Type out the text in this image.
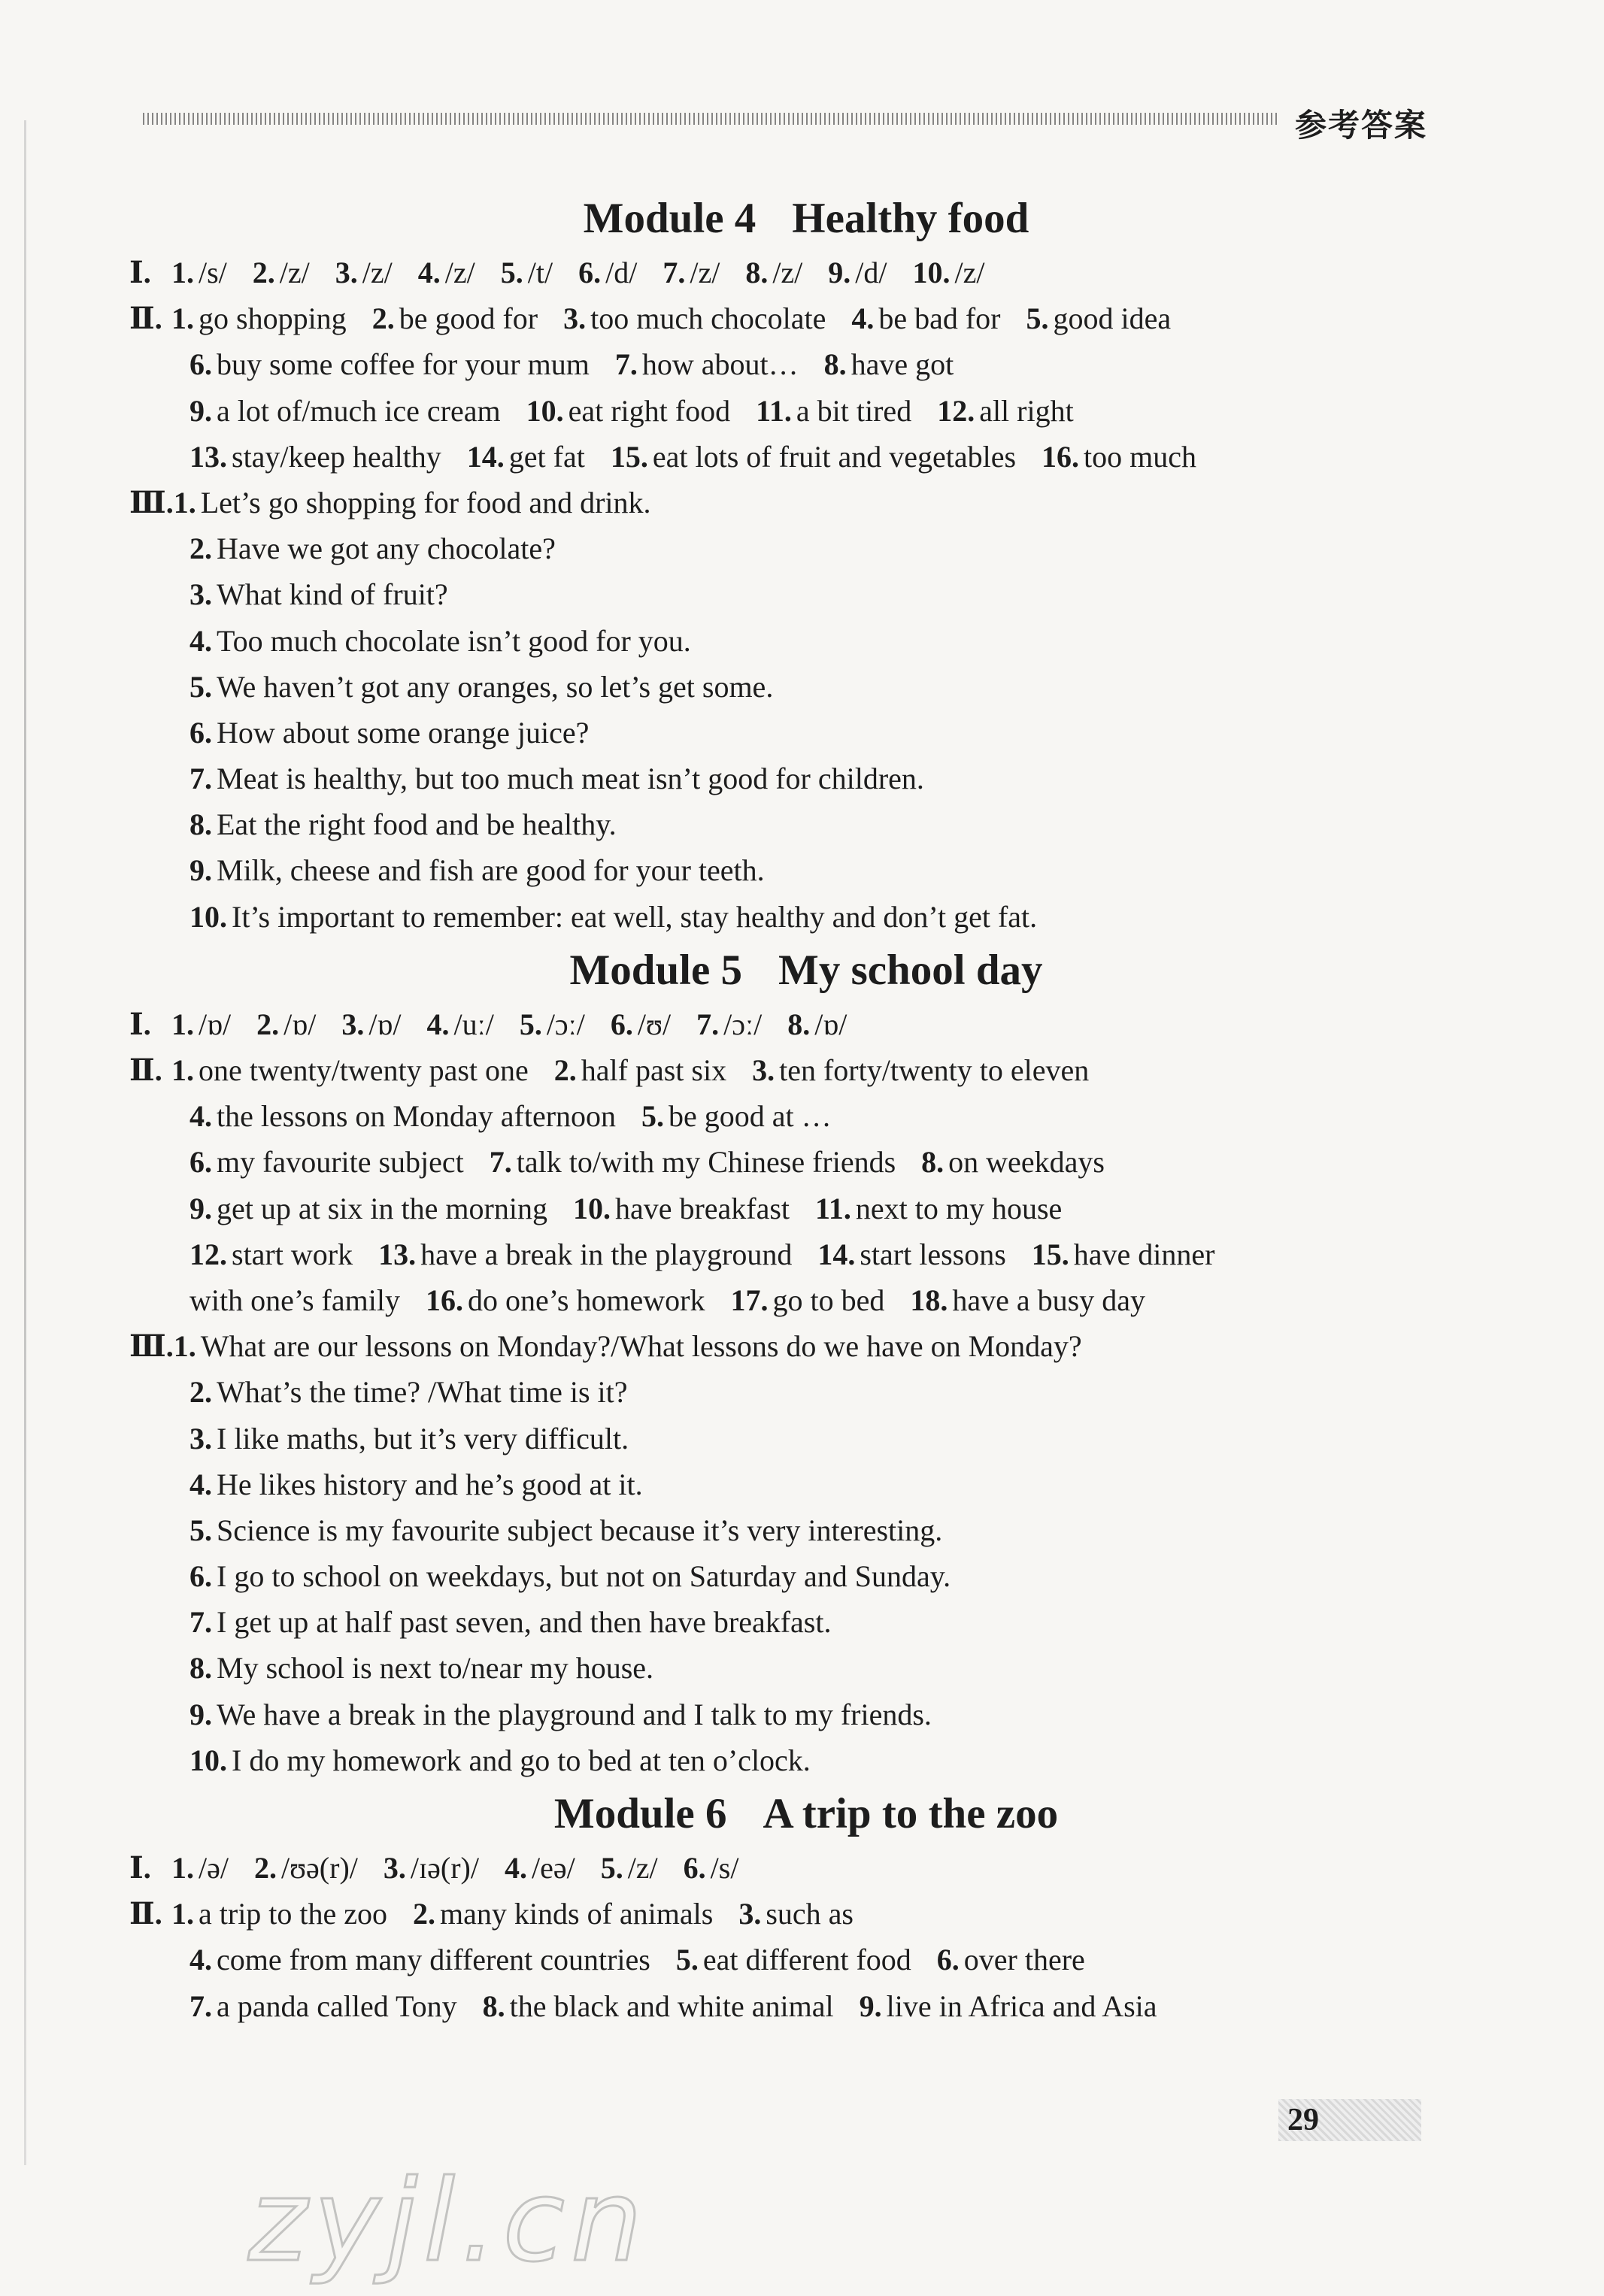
参考答案
Module 4 Healthy food
Ⅰ. 1. /s/ 2. /z/ 3. /z/ 4. /z/ 5. /t/ 6. /d/ 7. /z/ 8. /z/ 9. /d/ 10. /z/
Ⅱ. 1. go shopping 2. be good for 3. too much chocolate 4. be bad for 5. good idea
6. buy some coffee for your mum 7. how about… 8. have got
9. a lot of/much ice cream 10. eat right food 11. a bit tired 12. all right
13. stay/keep healthy 14. get fat 15. eat lots of fruit and vegetables 16. too much
Ⅲ.1. Let’s go shopping for food and drink.
2. Have we got any chocolate?
3. What kind of fruit?
4. Too much chocolate isn’t good for you.
5. We haven’t got any oranges, so let’s get some.
6. How about some orange juice?
7. Meat is healthy, but too much meat isn’t good for children.
8. Eat the right food and be healthy.
9. Milk, cheese and fish are good for your teeth.
10. It’s important to remember: eat well, stay healthy and don’t get fat.
Module 5 My school day
Ⅰ. 1. /ɒ/ 2. /ɒ/ 3. /ɒ/ 4. /uː/ 5. /ɔː/ 6. /ʊ/ 7. /ɔː/ 8. /ɒ/
Ⅱ. 1. one twenty/twenty past one 2. half past six 3. ten forty/twenty to eleven
4. the lessons on Monday afternoon 5. be good at …
6. my favourite subject 7. talk to/with my Chinese friends 8. on weekdays
9. get up at six in the morning 10. have breakfast 11. next to my house
12. start work 13. have a break in the playground 14. start lessons 15. have dinner
with one’s family 16. do one’s homework 17. go to bed 18. have a busy day
Ⅲ.1. What are our lessons on Monday?/What lessons do we have on Monday?
2. What’s the time? /What time is it?
3. I like maths, but it’s very difficult.
4. He likes history and he’s good at it.
5. Science is my favourite subject because it’s very interesting.
6. I go to school on weekdays, but not on Saturday and Sunday.
7. I get up at half past seven, and then have breakfast.
8. My school is next to/near my house.
9. We have a break in the playground and I talk to my friends.
10. I do my homework and go to bed at ten o’clock.
Module 6 A trip to the zoo
Ⅰ. 1. /ə/ 2. /ʊə(r)/ 3. /ɪə(r)/ 4. /eə/ 5. /z/ 6. /s/
Ⅱ. 1. a trip to the zoo 2. many kinds of animals 3. such as
4. come from many different countries 5. eat different food 6. over there
7. a panda called Tony 8. the black and white animal 9. live in Africa and Asia
29
zyjl.cn
